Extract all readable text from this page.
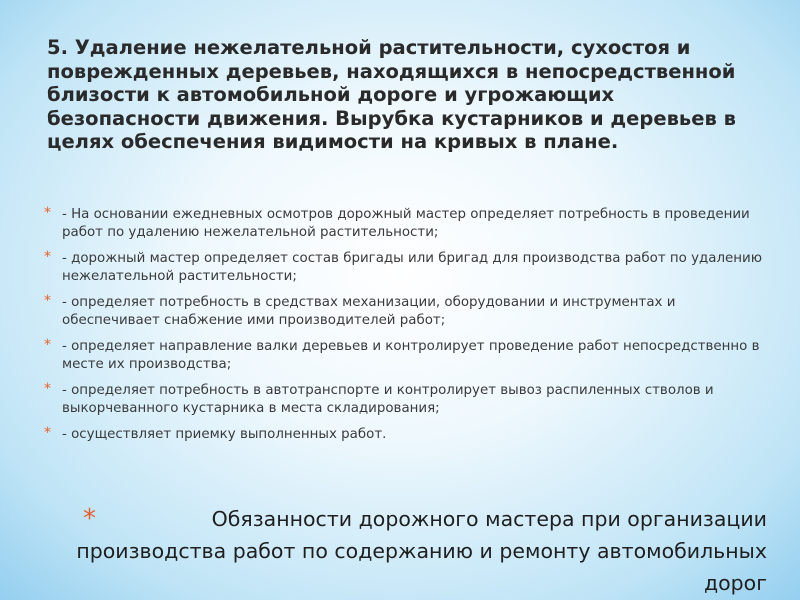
5. Удаление нежелательной растительности, сухостоя и поврежденных деревьев, находящихся в непосредственной близости к автомобильной дороге и угрожающих безопасности движения. Вырубка кустарников и деревьев в целях обеспечения видимости на кривых в плане.

* - На основании ежедневных осмотров дорожный мастер определяет потребность в проведении работ по удалению нежелательной растительности;
* - дорожный мастер определяет состав бригады или бригад для производства работ по удалению нежелательной растительности;
* - определяет потребность в средствах механизации, оборудовании и инструментах и обеспечивает снабжение ими производителей работ;
* - определяет направление валки деревьев и контролирует проведение работ непосредственно в месте их производства;
* - определяет потребность в автотранспорте и контролирует вывоз распиленных стволов и выкорчеванного кустарника в места складирования;
* - осуществляет приемку выполненных работ.
*	Обязанности дорожного мастера при организации производства работ по содержанию и ремонту автомобильных дорог
